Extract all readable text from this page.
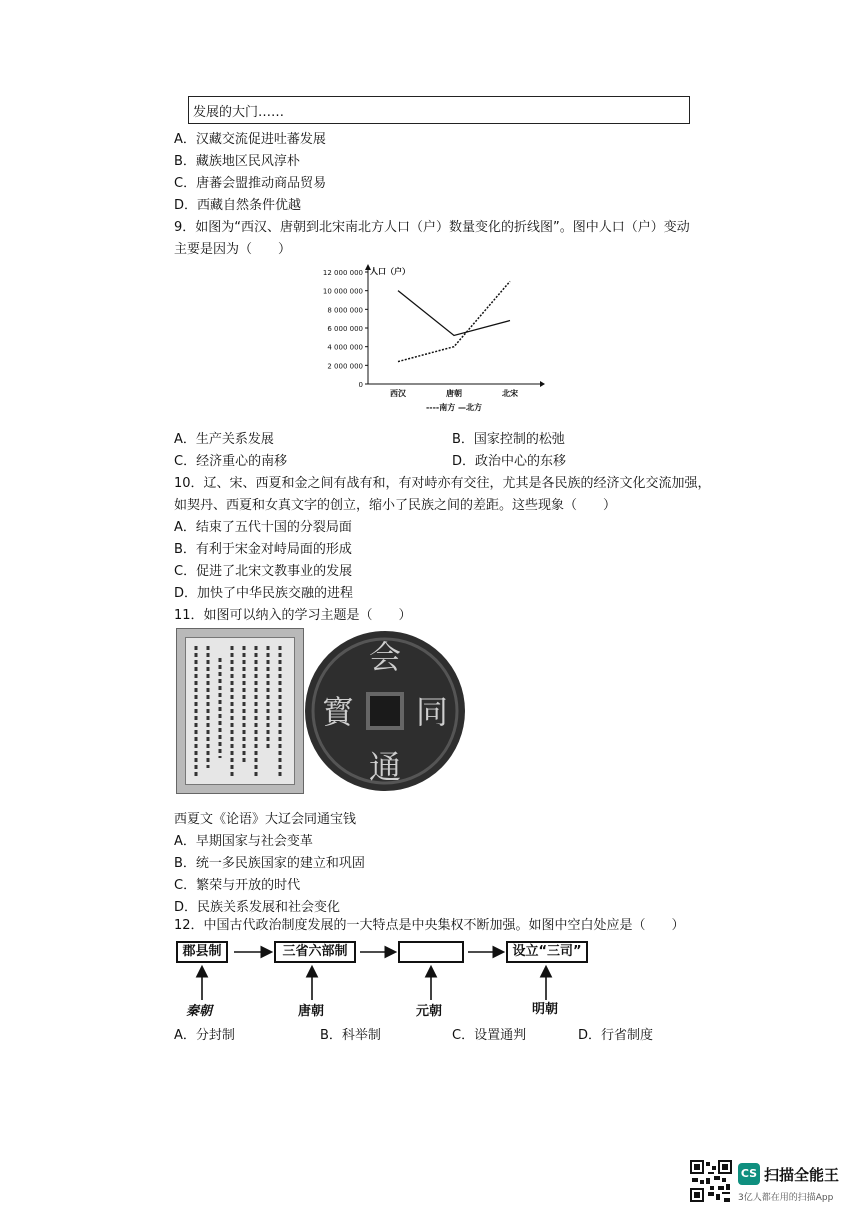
发展的大门……
A．汉藏交流促进吐蕃发展
B．藏族地区民风淳朴
C．唐蕃会盟推动商品贸易
D．西藏自然条件优越
9．如图为“西汉、唐朝到北宋南北方人口（户）数量变化的折线图”。图中人口（户）变动
主要是因为（　　）
0
2 000 000
4 000 000
6 000 000
8 000 000
10 000 000
12 000 000 人口（户）
西汉	唐朝	北宋
----南方 —北方
A．生产关系发展	B．国家控制的松弛
C．经济重心的南移	D．政治中心的东移
10．辽、宋、西夏和金之间有战有和，有对峙亦有交往，尤其是各民族的经济文化交流加强，
如契丹、西夏和女真文字的创立，缩小了民族之间的差距。这些现象（　　）
A．结束了五代十国的分裂局面
B．有利于宋金对峙局面的形成
C．促进了北宋文教事业的发展
D．加快了中华民族交融的进程
11．如图可以纳入的学习主题是（　　）
会
同
通
寳
西夏文《论语》大辽会同通宝钱
A．早期国家与社会变革
B．统一多民族国家的建立和巩固
C．繁荣与开放的时代
D．民族关系发展和社会变化
12．中国古代政治制度发展的一大特点是中央集权不断加强。如图中空白处应是（　　）
郡县制	三省六部制	设立“三司”
秦朝	唐朝	元朝	明朝
A．分封制	B．科举制	C．设置通判	D．行省制度
CS 扫描全能王
3亿人都在用的扫描App
